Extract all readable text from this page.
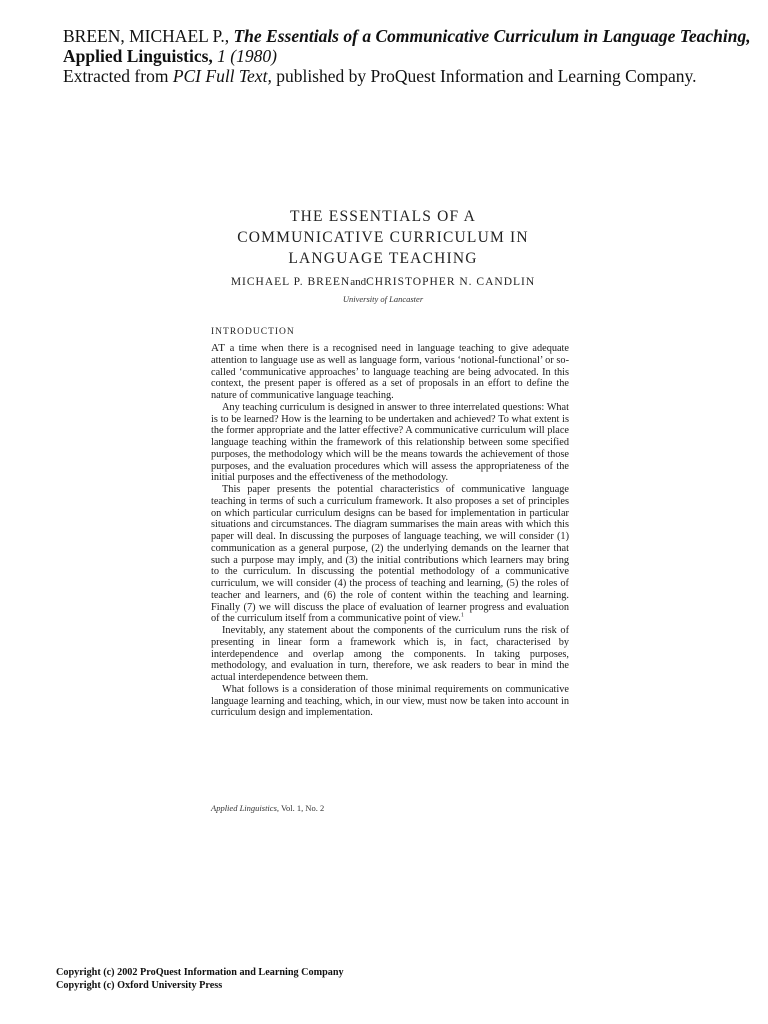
BREEN, MICHAEL P., The Essentials of a Communicative Curriculum in Language Teaching,
Applied Linguistics, 1 (1980)
Extracted from PCI Full Text, published by ProQuest Information and Learning Company.
THE ESSENTIALS OF A
COMMUNICATIVE CURRICULUM IN
LANGUAGE TEACHING
MICHAEL P. BREENandCHRISTOPHER N. CANDLIN
University of Lancaster
INTRODUCTION

AT a time when there is a recognised need in language teaching to give adequate attention to language use as well as language form, various ‘notional-functional’ or so-called ‘communicative approaches’ to language teaching are being advocated. In this context, the present paper is offered as a set of proposals in an effort to define the nature of communicative language teaching.

Any teaching curriculum is designed in answer to three interrelated questions: What is to be learned? How is the learning to be undertaken and achieved? To what extent is the former appropriate and the latter effective? A communicative curriculum will place language teaching within the framework of this relationship between some specified purposes, the methodology which will be the means towards the achievement of those purposes, and the evaluation procedures which will assess the appropriateness of the initial purposes and the effectiveness of the methodology.

This paper presents the potential characteristics of communicative language teaching in terms of such a curriculum framework. It also proposes a set of principles on which particular curriculum designs can be based for implementation in particular situations and circumstances. The diagram summarises the main areas with which this paper will deal. In discussing the purposes of language teaching, we will consider (1) communication as a general purpose, (2) the underlying demands on the learner that such a purpose may imply, and (3) the initial contributions which learners may bring to the curriculum. In discussing the potential methodology of a communicative curriculum, we will consider (4) the process of teaching and learning, (5) the roles of teacher and learners, and (6) the role of content within the teaching and learning. Finally (7) we will discuss the place of evaluation of learner progress and evaluation of the curriculum itself from a communicative point of view.$^1$

Inevitably, any statement about the components of the curriculum runs the risk of presenting in linear form a framework which is, in fact, characterised by interdependence and overlap among the components. In taking purposes, methodology, and evaluation in turn, therefore, we ask readers to bear in mind the actual interdependence between them.

What follows is a consideration of those minimal requirements on communicative language learning and teaching, which, in our view, must now be taken into account in curriculum design and implementation.

Applied Linguistics, Vol. 1, No. 2
Copyright (c) 2002 ProQuest Information and Learning Company
Copyright (c) Oxford University Press
